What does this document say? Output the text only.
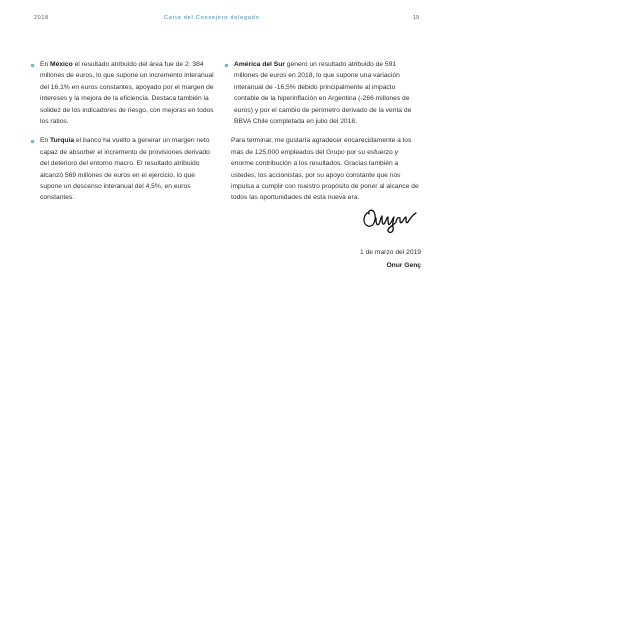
2018	Carta del Consejero delegado	19
En México el resultado atribuido del área fue de 2. 384 millones de euros, lo que supone un incremento interanual del 16,1% en euros constantes, apoyado por el margen de intereses y la mejora de la eficiencia. Destaca también la solidez de los indicadores de riesgo, con mejoras en todos los ratios.
En Turquía el banco ha vuelto a generar un margen neto capaz de absorber el incremento de provisiones derivado del deterioro del entorno macro. El resultado atribuido alcanzó 569 millones de euros en el ejercicio, lo que supone un descenso interanual del 4,5%, en euros constantes.
América del Sur generó un resultado atribuido de 591 millones de euros en 2018, lo que supone una variación interanual de -16,5% debido principalmente al impacto contable de la hiperinflación en Argentina (-266 millones de euros) y por el cambio de perímetro derivado de la venta de BBVA Chile completada en julio del 2018.
Para terminar, me gustaría agradecer encarecidamente a los más de 125.000 empleados del Grupo por su esfuerzo y enorme contribución a los resultados. Gracias también a ustedes, los accionistas, por su apoyo constante que nos impulsa a cumplir con nuestro propósito de poner al alcance de todos las oportunidades de esta nueva era.
1 de marzo del 2019
Onur Genç
